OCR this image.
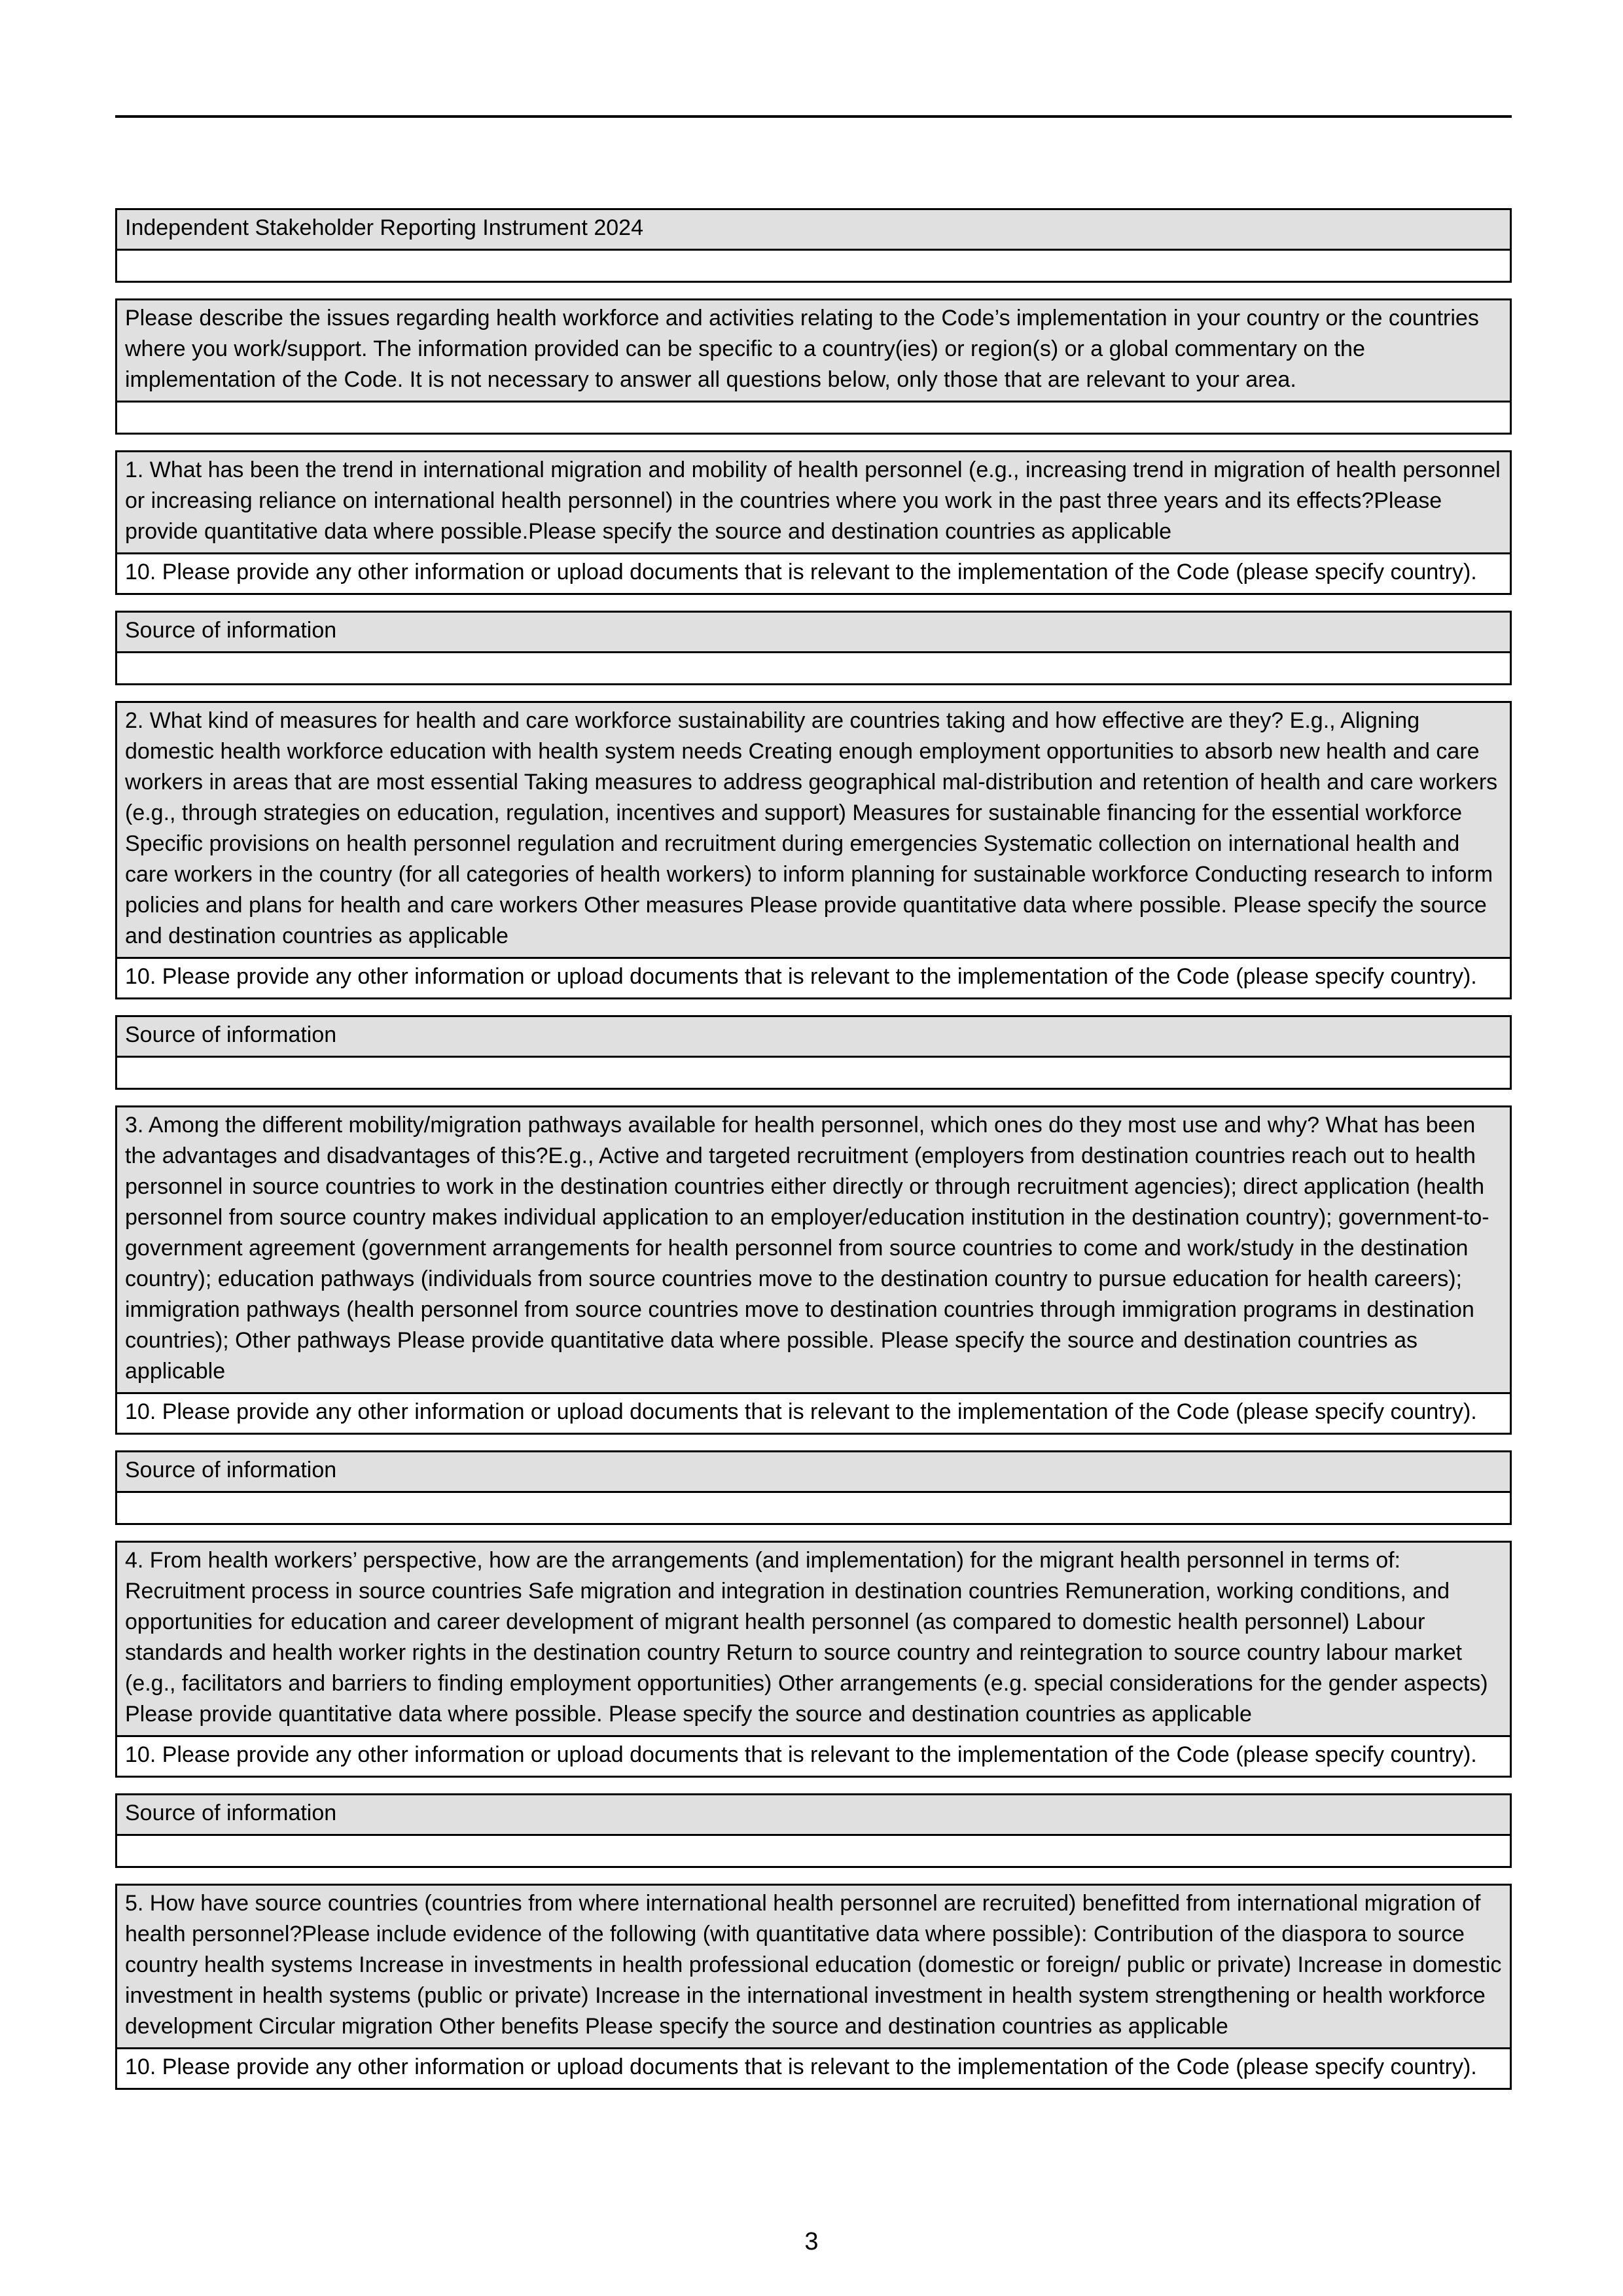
Independent Stakeholder Reporting Instrument 2024
Please describe the issues regarding health workforce and activities relating to the Code’s implementation in your country or the countries where you work/support. The information provided can be specific to a country(ies) or region(s) or a global commentary on the implementation of the Code. It is not necessary to answer all questions below, only those that are relevant to your area.
1. What has been the trend in international migration and mobility of health personnel (e.g., increasing trend in migration of health personnel or increasing reliance on international health personnel) in the countries where you work in the past three years and its effects?Please provide quantitative data where possible.Please specify the source and destination countries as applicable
10. Please provide any other information or upload documents that is relevant to the implementation of the Code (please specify country).
Source of information
2. What kind of measures for health and care workforce sustainability are countries taking and how effective are they? E.g., Aligning domestic health workforce education with health system needs Creating enough employment opportunities to absorb new health and care workers in areas that are most essential Taking measures to address geographical mal-distribution and retention of health and care workers (e.g., through strategies on education, regulation, incentives and support) Measures for sustainable financing for the essential workforce Specific provisions on health personnel regulation and recruitment during emergencies Systematic collection on international health and care workers in the country (for all categories of health workers) to inform planning for sustainable workforce Conducting research to inform policies and plans for health and care workers Other measures Please provide quantitative data where possible. Please specify the source and destination countries as applicable
10. Please provide any other information or upload documents that is relevant to the implementation of the Code (please specify country).
Source of information
3. Among the different mobility/migration pathways available for health personnel, which ones do they most use and why? What has been the advantages and disadvantages of this?E.g., Active and targeted recruitment (employers from destination countries reach out to health personnel in source countries to work in the destination countries either directly or through recruitment agencies); direct application (health personnel from source country makes individual application to an employer/education institution in the destination country); government-to-government agreement (government arrangements for health personnel from source countries to come and work/study in the destination country); education pathways (individuals from source countries move to the destination country to pursue education for health careers); immigration pathways (health personnel from source countries move to destination countries through immigration programs in destination countries); Other pathways Please provide quantitative data where possible. Please specify the source and destination countries as applicable
10. Please provide any other information or upload documents that is relevant to the implementation of the Code (please specify country).
Source of information
4. From health workers’ perspective, how are the arrangements (and implementation) for the migrant health personnel in terms of: Recruitment process in source countries Safe migration and integration in destination countries Remuneration, working conditions, and opportunities for education and career development of migrant health personnel (as compared to domestic health personnel) Labour standards and health worker rights in the destination country Return to source country and reintegration to source country labour market (e.g., facilitators and barriers to finding employment opportunities) Other arrangements (e.g. special considerations for the gender aspects) Please provide quantitative data where possible. Please specify the source and destination countries as applicable
10. Please provide any other information or upload documents that is relevant to the implementation of the Code (please specify country).
Source of information
5. How have source countries (countries from where international health personnel are recruited) benefitted from international migration of health personnel?Please include evidence of the following (with quantitative data where possible): Contribution of the diaspora to source country health systems Increase in investments in health professional education (domestic or foreign/ public or private) Increase in domestic investment in health systems (public or private) Increase in the international investment in health system strengthening or health workforce development Circular migration Other benefits Please specify the source and destination countries as applicable
10. Please provide any other information or upload documents that is relevant to the implementation of the Code (please specify country).
3
